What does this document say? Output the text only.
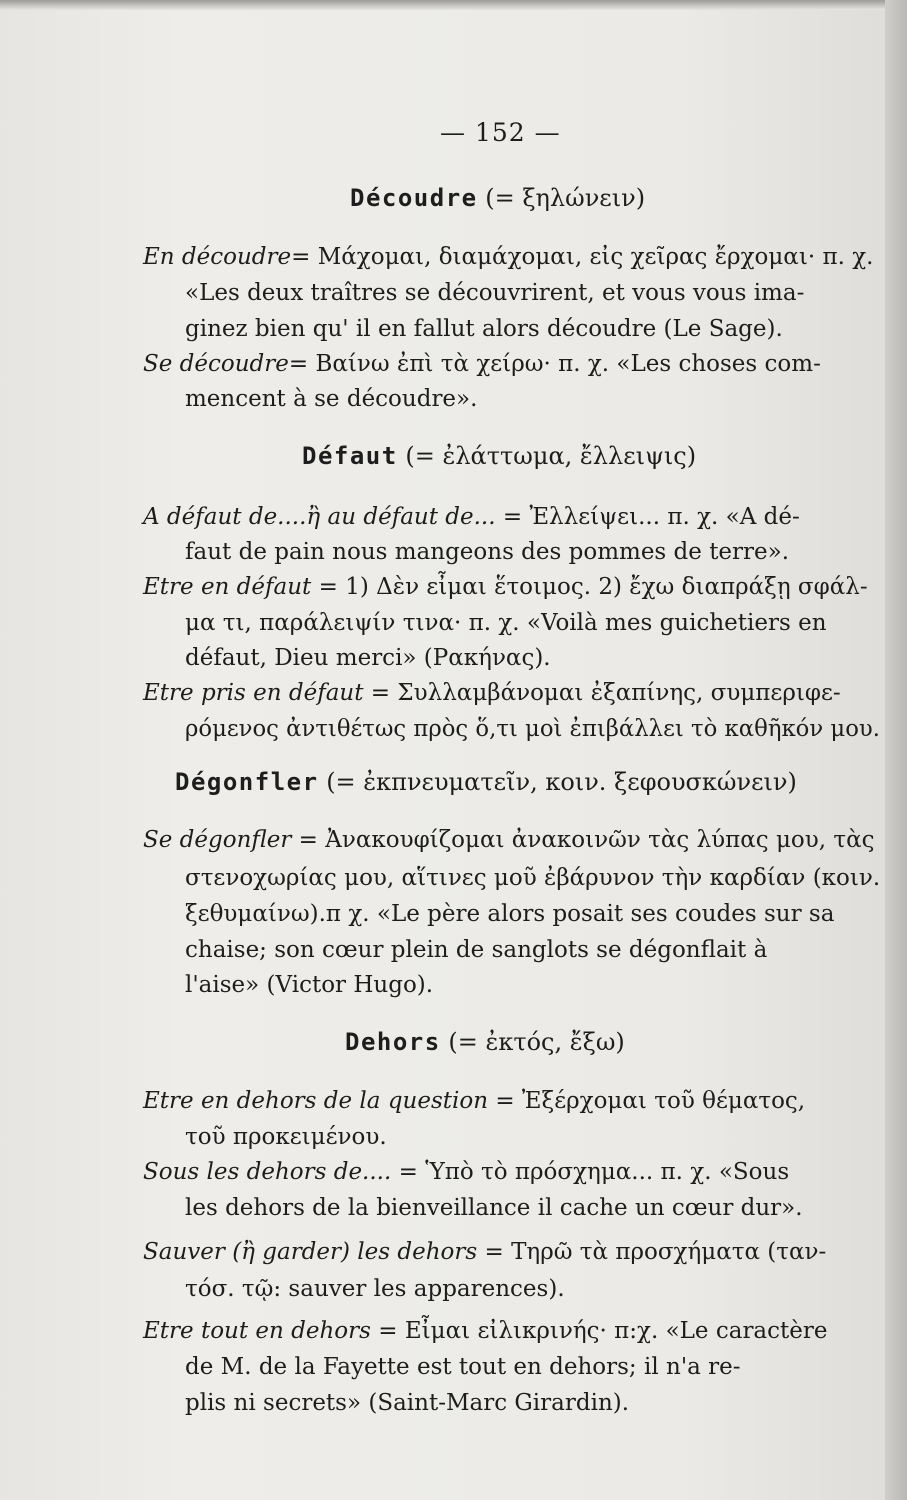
— 152 —
Découdre (= ξηλώνειν)
En découdre= Μάχομαι, διαμάχομαι, εἰς χεῖρας ἔρχομαι· π. χ.
«Les deux traîtres se découvrirent, et vous vous ima-
ginez bien qu' il en fallut alors découdre (Le Sage).
Se découdre= Βαίνω ἐπὶ τὰ χείρω· π. χ. «Les choses com-
mencent à se découdre».
Défaut (= ἐλάττωμα, ἔλλειψις)
A défaut de....ἢ au défaut de... = Ἐλλείψει... π. χ. «A dé-
faut de pain nous mangeons des pommes de terre».
Etre en défaut = 1) Δὲν εἶμαι ἕτοιμος. 2) ἔχω διαπράξῃ σφάλ-
μα τι, παράλειψίν τινα· π. χ. «Voilà mes guichetiers en
défaut, Dieu merci» (Ρακήνας).
Etre pris en défaut = Συλλαμβάνομαι ἐξαπίνης, συμπεριφε-
ρόμενος ἀντιθέτως πρὸς ὅ,τι μοὶ ἐπιβάλλει τὸ καθῆκόν μου.
Dégonfler (= ἐκπνευματεῖν, κοιν. ξεφουσκώνειν)
Se dégonfler = Ἀνακουφίζομαι ἀνακοινῶν τὰς λύπας μου, τὰς
στενοχωρίας μου, αἵτινες μοῦ ἐβάρυνον τὴν καρδίαν (κοιν.
ξεθυμαίνω).π χ. «Le père alors posait ses coudes sur sa
chaise; son cœur plein de sanglots se dégonflait à
l'aise» (Victor Hugo).
Dehors (= ἐκτός, ἔξω)
Etre en dehors de la question = Ἐξέρχομαι τοῦ θέματος,
τοῦ προκειμένου.
Sous les dehors de.... = Ὑπὸ τὸ πρόσχημα... π. χ. «Sous
les dehors de la bienveillance il cache un cœur dur».
Sauver (ἢ garder) les dehors = Τηρῶ τὰ προσχήματα (ταν-
τόσ. τῷ: sauver les apparences).
Etre tout en dehors = Εἶμαι εἰλικρινής· π:χ. «Le caractère
de M. de la Fayette est tout en dehors; il n'a re-
plis ni secrets» (Saint-Marc Girardin).
